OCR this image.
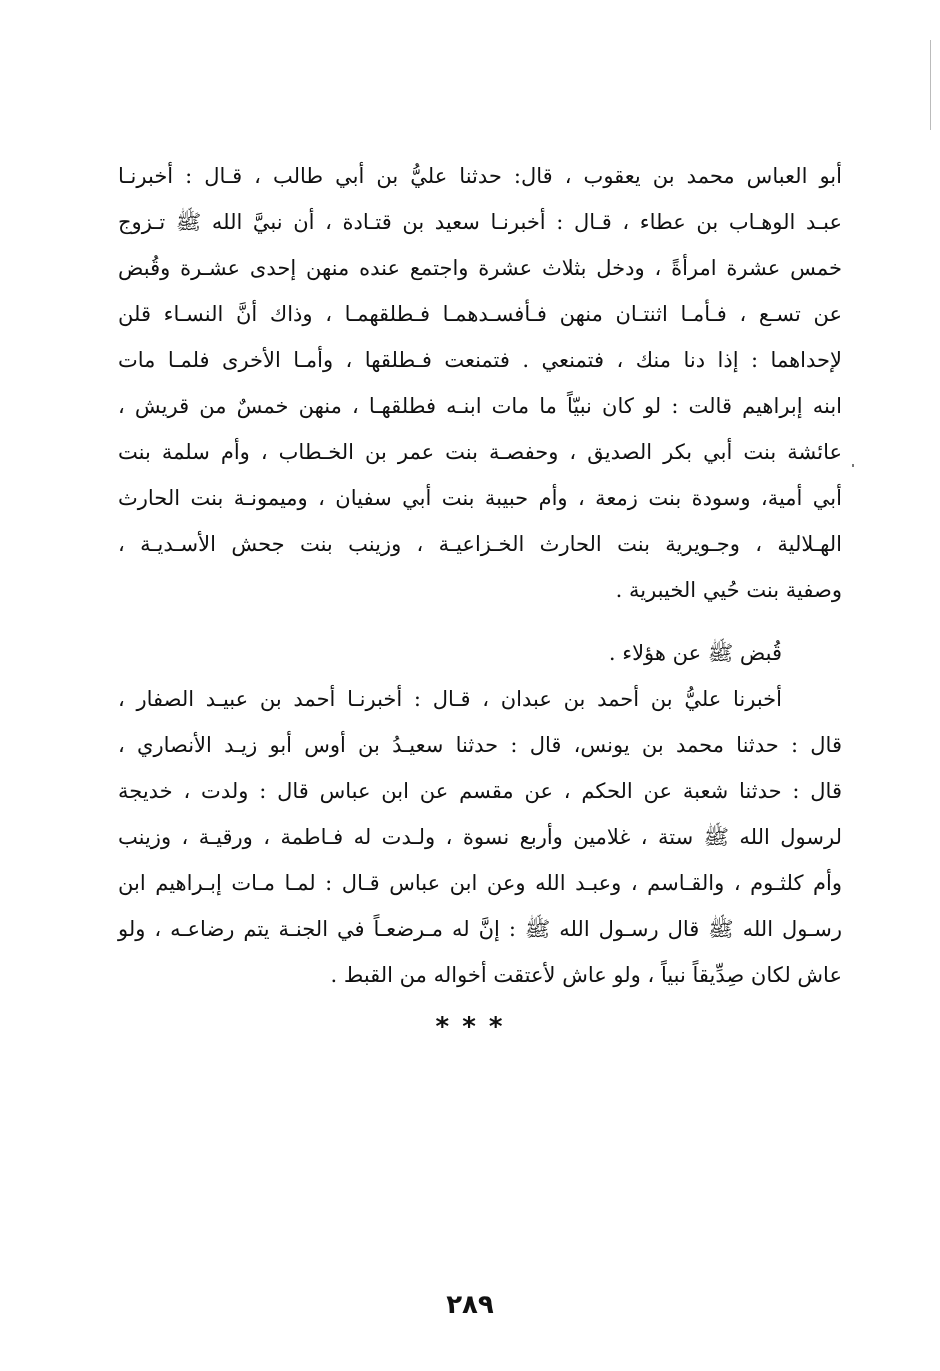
أبو العباس محمد بن يعقوب ، قال: حدثنا عليُّ بن أبي طالب ، قـال : أخبرنـا
عبـد الوهـاب بن عطاء ، قـال : أخبرنـا سعيد بن قتـادة ، أن نبيَّ الله ﷺ تـزوج
خمس عشرة امرأةً ، ودخل بثلاث عشرة واجتمع عنده منهن إحدى عشـرة وقُبض
عن تسـع ، فـأمـا اثنتـان منهن فـأفسـدهمـا فـطلقهمـا ، وذاك أنَّ النسـاء قلن
لإحداهما : إذا دنا منك ، فتمنعي . فتمنعت فـطلقها ، وأمـا الأخرى فلمـا مات
ابنه إبراهيم قالت : لو كان نبيّاً ما مات ابنـه فطلقهـا ، منهن خمسٌ من قريش ،
عائشة بنت أبي بكر الصديق ، وحفصـة بنت عمر بن الخـطاب ، وأم سلمة بنت
أبي أمية، وسودة بنت زمعة ، وأم حبيبة بنت أبي سفيان ، وميمونـة بنت الحارث
الهـلالية ، وجـويرية بنت الحارث الخـزاعيـة ، وزينب بنت جحش الأسـديـة ،
وصفية بنت حُيي الخيبرية .
قُبض ﷺ عن هؤلاء .
أخبرنا عليُّ بن أحمد بن عبدان ، قـال : أخبرنـا أحمد بن عبيـد الصفار ،
قال : حدثنا محمد بن يونس، قال : حدثنا سعيـدُ بن أوس أبو زيـد الأنصاري ،
قال : حدثنا شعبة عن الحكم ، عن مقسم عن ابن عباس قال : ولدت ، خديجة
لرسول الله ﷺ ستة ، غلامين وأربع نسوة ، ولـدت له فـاطمة ، ورقيـة ، وزينب
وأم كلثـوم ، والقـاسم ، وعبـد الله وعن ابن عباس قـال : لمـا مـات إبـراهيم ابن
رسـول الله ﷺ قال رسـول الله ﷺ : إنَّ له مـرضعـاً في الجنـة يتم رضاعـه ، ولو
عاش لكان صِدِّيقاً نبياً ، ولو عاش لأعتقت أخواله من القبط .
* * *
٢٨٩
